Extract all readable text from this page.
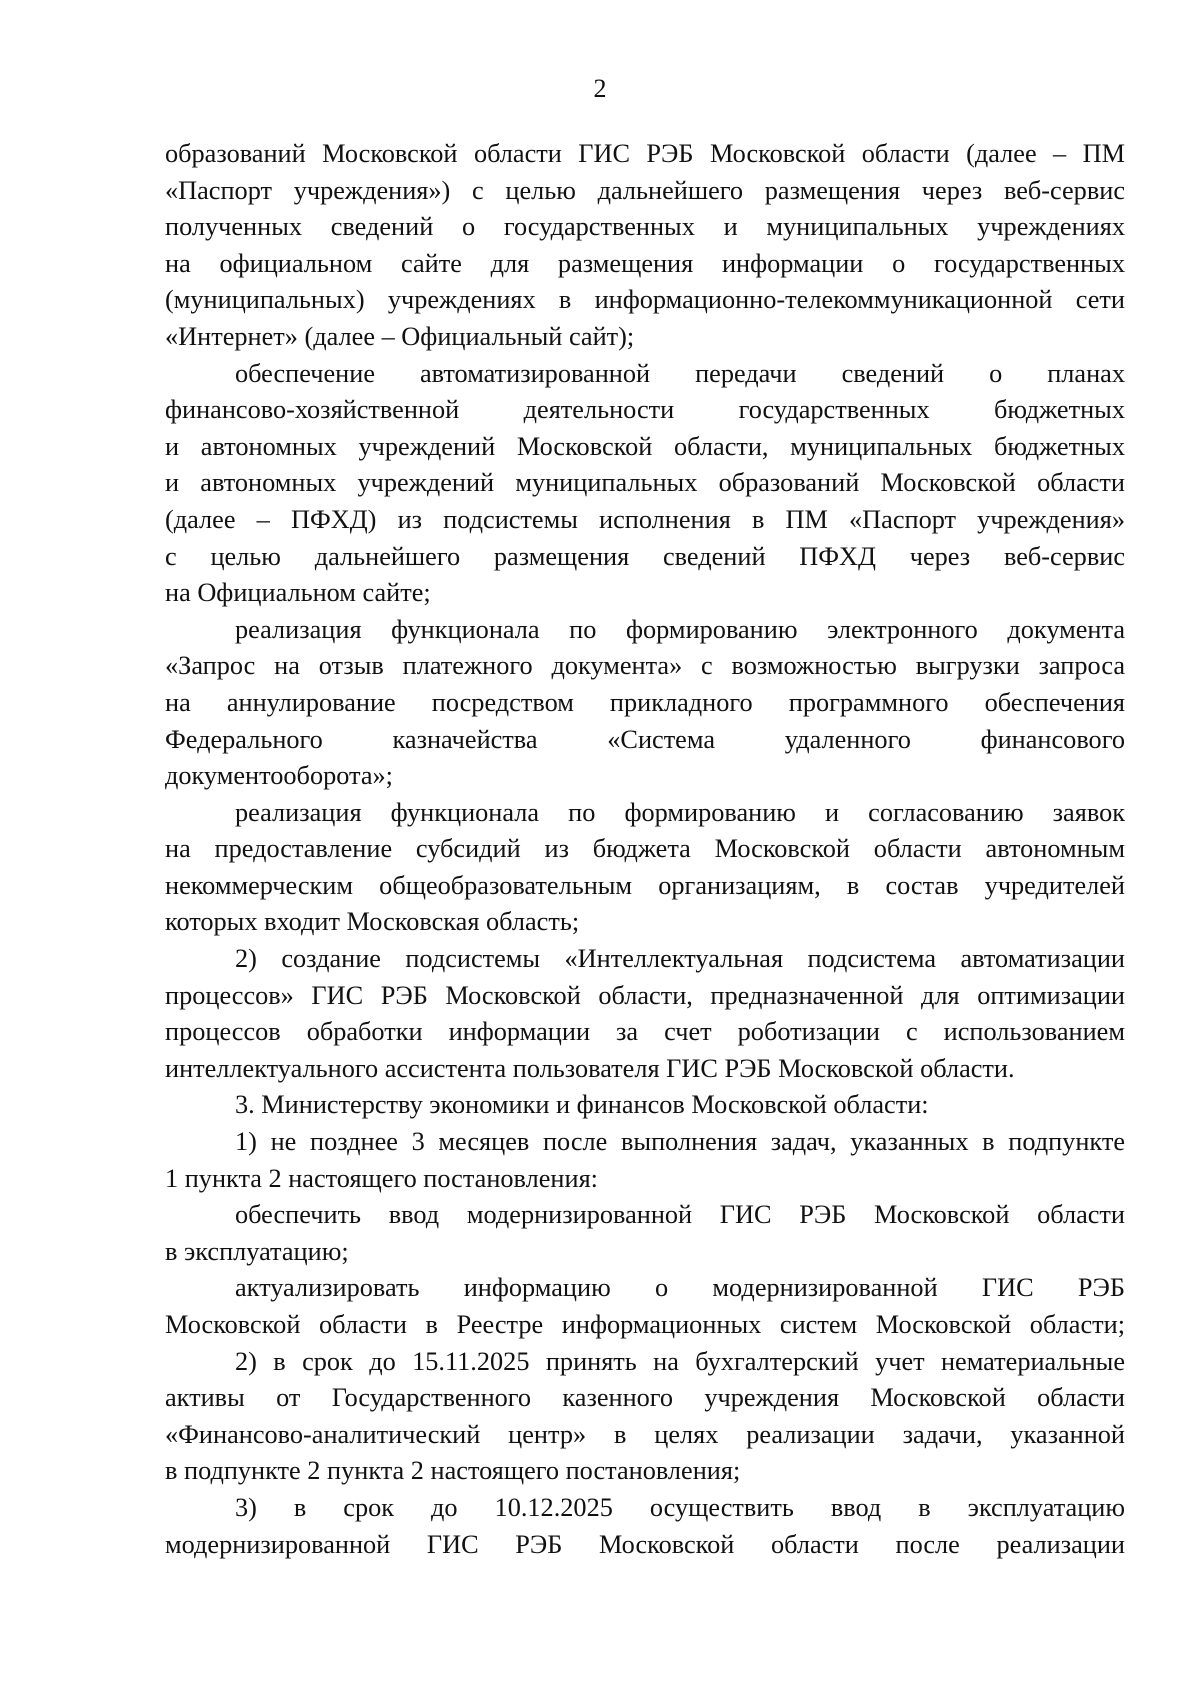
2
образований Московской области ГИС РЭБ Московской области (далее – ПМ
«Паспорт учреждения») с целью дальнейшего размещения через веб-сервис
полученных сведений о государственных и муниципальных учреждениях
на официальном сайте для размещения информации о государственных
(муниципальных) учреждениях в информационно-телекоммуникационной сети
«Интернет» (далее – Официальный сайт);
обеспечение автоматизированной передачи сведений о планах
финансово-хозяйственной деятельности государственных бюджетных
и автономных учреждений Московской области, муниципальных бюджетных
и автономных учреждений муниципальных образований Московской области
(далее – ПФХД) из подсистемы исполнения в ПМ «Паспорт учреждения»
с целью дальнейшего размещения сведений ПФХД через веб-сервис
на Официальном сайте;
реализация функционала по формированию электронного документа
«Запрос на отзыв платежного документа» с возможностью выгрузки запроса
на аннулирование посредством прикладного программного обеспечения
Федерального казначейства «Система удаленного финансового
документооборота»;
реализация функционала по формированию и согласованию заявок
на предоставление субсидий из бюджета Московской области автономным
некоммерческим общеобразовательным организациям, в состав учредителей
которых входит Московская область;
2) создание подсистемы «Интеллектуальная подсистема автоматизации
процессов» ГИС РЭБ Московской области, предназначенной для оптимизации
процессов обработки информации за счет роботизации с использованием
интеллектуального ассистента пользователя ГИС РЭБ Московской области.
3. Министерству экономики и финансов Московской области:
1) не позднее 3 месяцев после выполнения задач, указанных в подпункте
1 пункта 2 настоящего постановления:
обеспечить ввод модернизированной ГИС РЭБ Московской области
в эксплуатацию;
актуализировать информацию о модернизированной ГИС РЭБ
Московской области в Реестре информационных систем Московской области;
2) в срок до 15.11.2025 принять на бухгалтерский учет нематериальные
активы от Государственного казенного учреждения Московской области
«Финансово-аналитический центр» в целях реализации задачи, указанной
в подпункте 2 пункта 2 настоящего постановления;
3) в срок до 10.12.2025 осуществить ввод в эксплуатацию
модернизированной ГИС РЭБ Московской области после реализации
